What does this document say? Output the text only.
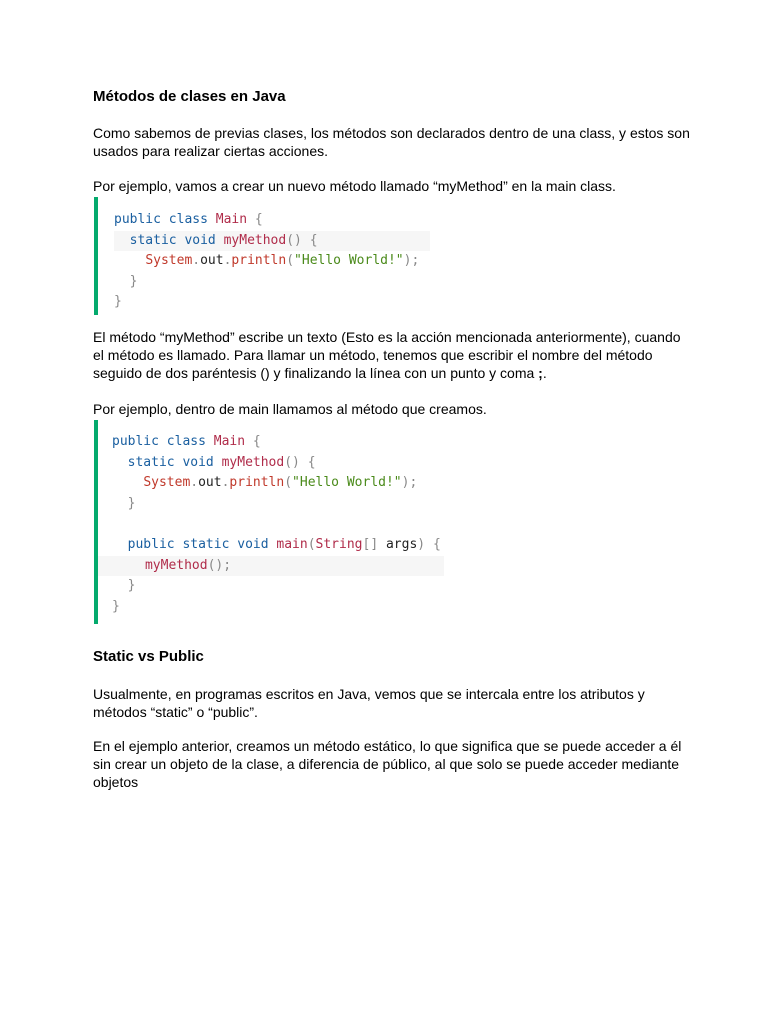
Métodos de clases en Java

Como sabemos de previas clases, los métodos son declarados dentro de una class, y estos son usados para realizar ciertas acciones.

Por ejemplo, vamos a crear un nuevo método llamado “myMethod” en la main class.

public class Main {
static void myMethod() {
System.out.println("Hello World!");
}
}

El método “myMethod” escribe un texto (Esto es la acción mencionada anteriormente), cuando el método es llamado. Para llamar un método, tenemos que escribir el nombre del método seguido de dos paréntesis () y finalizando la línea con un punto y coma ;.

Por ejemplo, dentro de main llamamos al método que creamos.

public class Main {
static void myMethod() {
System.out.println("Hello World!");
}
public static void main(String[] args) {
myMethod();
}
}
Static vs Public

Usualmente, en programas escritos en Java, vemos que se intercala entre los atributos y métodos “static” o “public”.

En el ejemplo anterior, creamos un método estático, lo que significa que se puede acceder a él sin crear un objeto de la clase, a diferencia de público, al que solo se puede acceder mediante objetos
